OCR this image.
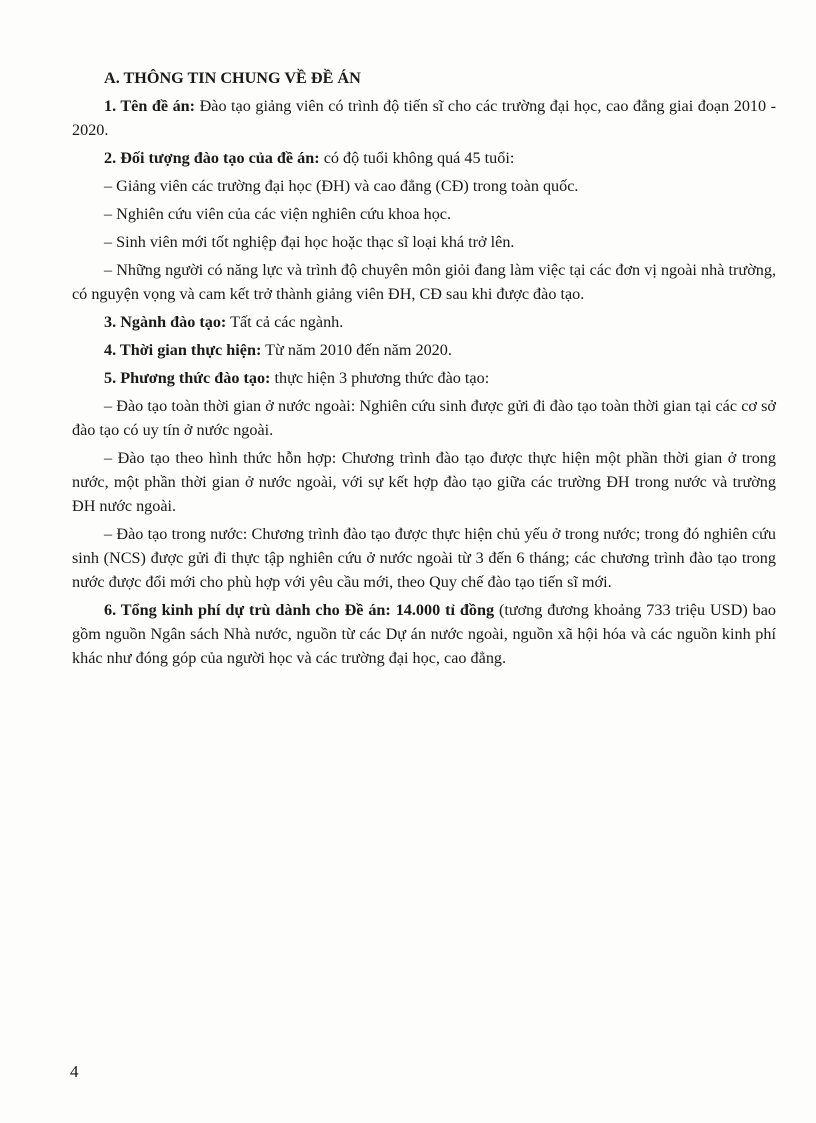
A. THÔNG TIN CHUNG VỀ ĐỀ ÁN

1. Tên đề án: Đào tạo giảng viên có trình độ tiến sĩ cho các trường đại học, cao đẳng giai đoạn 2010 - 2020.

2. Đối tượng đào tạo của đề án: có độ tuổi không quá 45 tuổi:

– Giảng viên các trường đại học (ĐH) và cao đẳng (CĐ) trong toàn quốc.

– Nghiên cứu viên của các viện nghiên cứu khoa học.

– Sinh viên mới tốt nghiệp đại học hoặc thạc sĩ loại khá trở lên.

– Những người có năng lực và trình độ chuyên môn giỏi đang làm việc tại các đơn vị ngoài nhà trường, có nguyện vọng và cam kết trở thành giảng viên ĐH, CĐ sau khi được đào tạo.

3. Ngành đào tạo: Tất cả các ngành.

4. Thời gian thực hiện: Từ năm 2010 đến năm 2020.

5. Phương thức đào tạo: thực hiện 3 phương thức đào tạo:

– Đào tạo toàn thời gian ở nước ngoài: Nghiên cứu sinh được gửi đi đào tạo toàn thời gian tại các cơ sở đào tạo có uy tín ở nước ngoài.

– Đào tạo theo hình thức hỗn hợp: Chương trình đào tạo được thực hiện một phần thời gian ở trong nước, một phần thời gian ở nước ngoài, với sự kết hợp đào tạo giữa các trường ĐH trong nước và trường ĐH nước ngoài.

– Đào tạo trong nước: Chương trình đào tạo được thực hiện chủ yếu ở trong nước; trong đó nghiên cứu sinh (NCS) được gửi đi thực tập nghiên cứu ở nước ngoài từ 3 đến 6 tháng; các chương trình đào tạo trong nước được đổi mới cho phù hợp với yêu cầu mới, theo Quy chế đào tạo tiến sĩ mới.

6. Tổng kinh phí dự trù dành cho Đề án: 14.000 tỉ đồng (tương đương khoảng 733 triệu USD) bao gồm nguồn Ngân sách Nhà nước, nguồn từ các Dự án nước ngoài, nguồn xã hội hóa và các nguồn kinh phí khác như đóng góp của người học và các trường đại học, cao đẳng.

4
